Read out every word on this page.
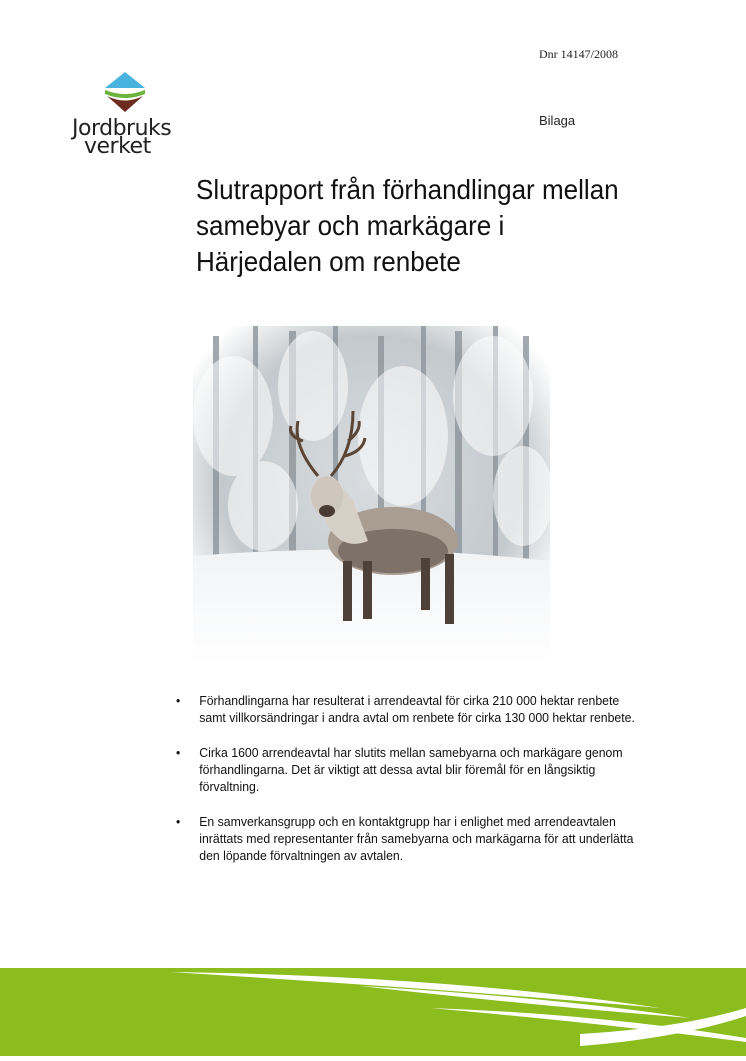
Dnr 14147/2008
Bilaga
Jordbruks
verket
Slutrapport från förhandlingar mellan samebyar och markägare i Härjedalen om renbete
• Förhandlingarna har resulterat i arrendeavtal för cirka 210 000 hektar renbete samt villkorsändringar i andra avtal om renbete för cirka 130 000 hektar renbete.
• Cirka 1600 arrendeavtal har slutits mellan samebyarna och markägare genom förhandlingarna. Det är viktigt att dessa avtal blir föremål för en långsiktig förvaltning.
• En samverkansgrupp och en kontaktgrupp har i enlighet med arrendeavtalen inrättats med representanter från samebyarna och markägarna för att underlätta den löpande förvaltningen av avtalen.
